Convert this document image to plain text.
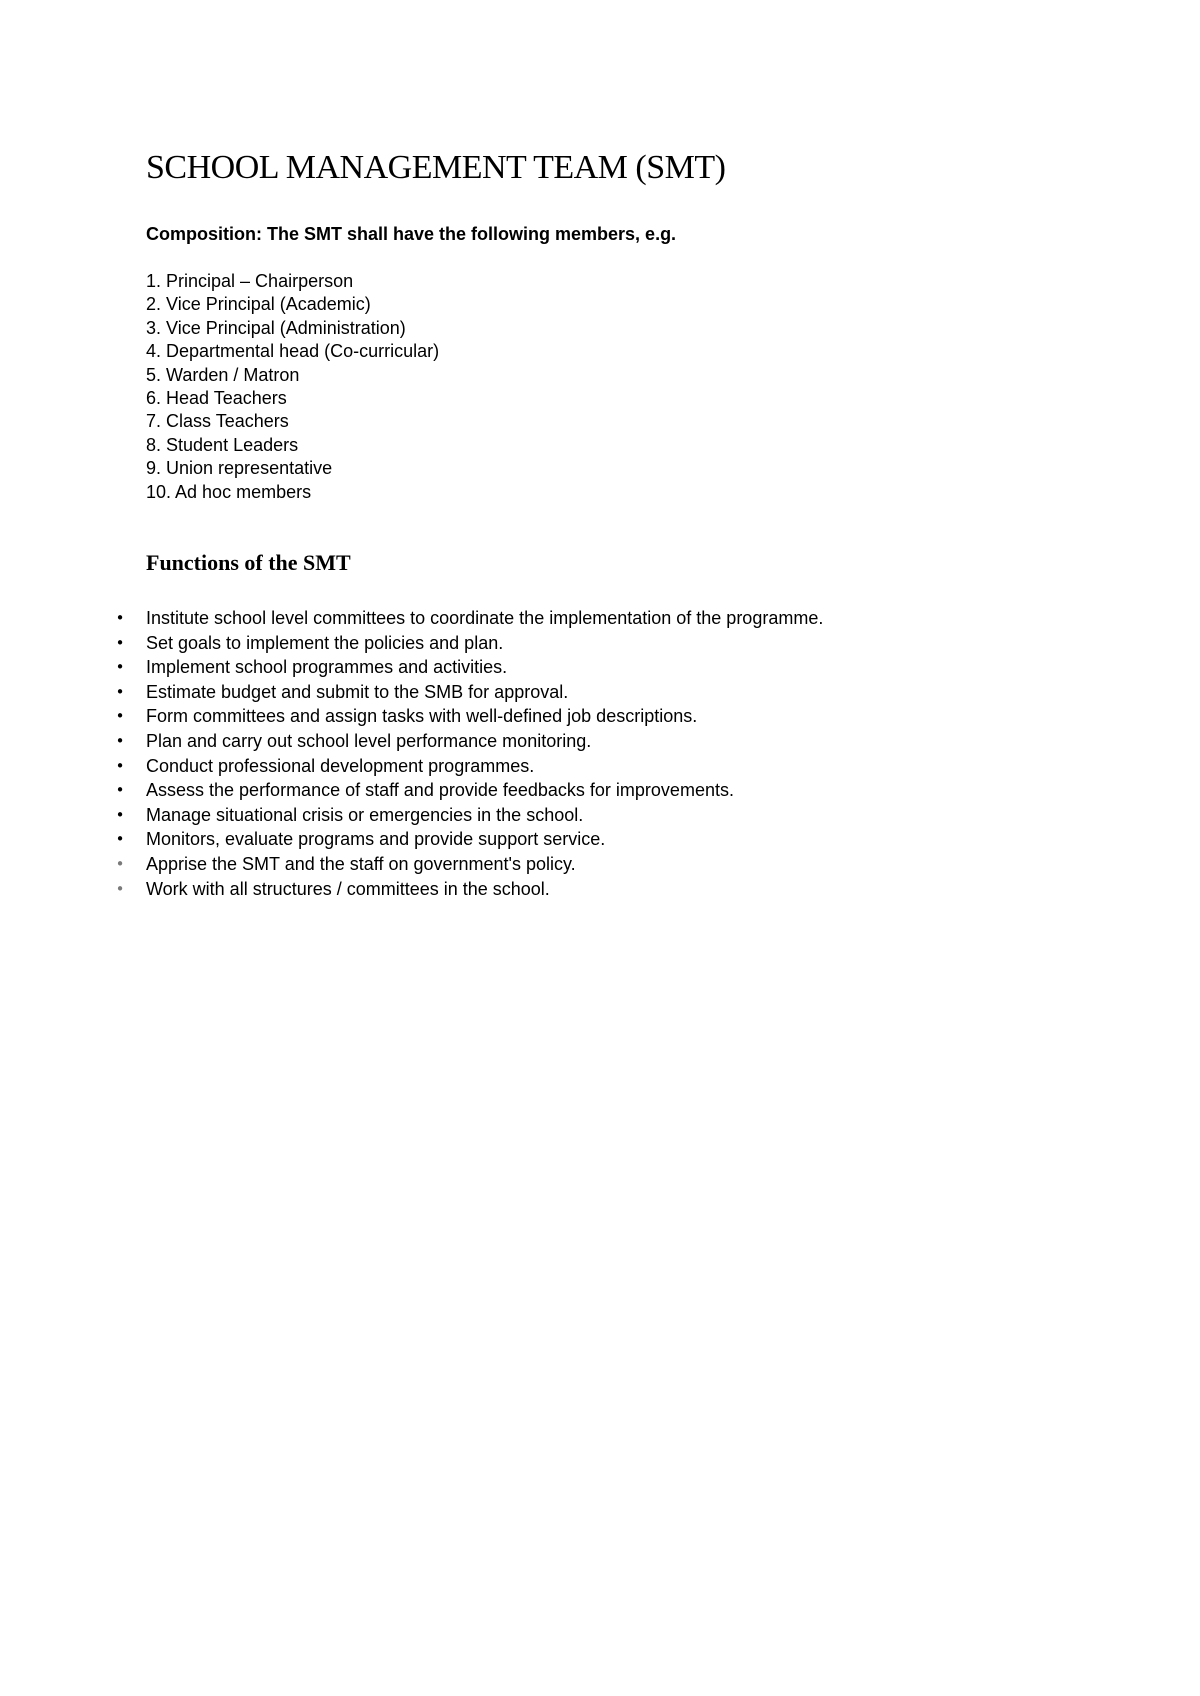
SCHOOL MANAGEMENT TEAM (SMT)

Composition: The SMT shall have the following members, e.g.

1. Principal – Chairperson
2. Vice Principal (Academic)
3. Vice Principal (Administration)
4. Departmental head (Co-curricular)
5. Warden / Matron
6. Head Teachers
7. Class Teachers
8. Student Leaders
9. Union representative
10. Ad hoc members
Functions of the SMT
• Institute school level committees to coordinate the implementation of the programme.
• Set goals to implement the policies and plan.
• Implement school programmes and activities.
• Estimate budget and submit to the SMB for approval.
• Form committees and assign tasks with well-defined job descriptions.
• Plan and carry out school level performance monitoring.
• Conduct professional development programmes.
• Assess the performance of staff and provide feedbacks for improvements.
• Manage situational crisis or emergencies in the school.
• Monitors, evaluate programs and provide support service.
• Apprise the SMT and the staff on government's policy.
• Work with all structures / committees in the school.
